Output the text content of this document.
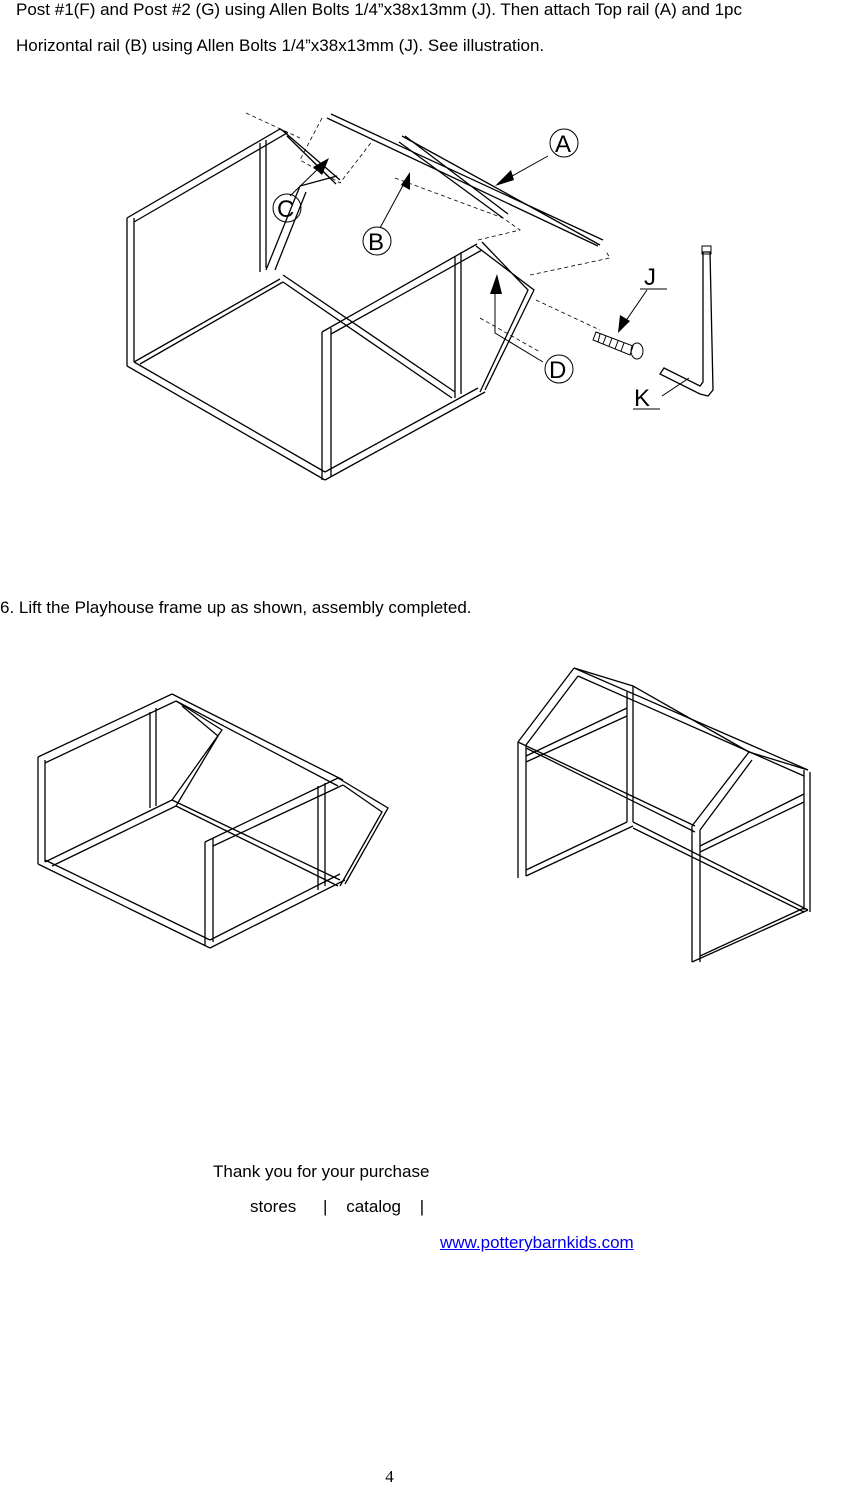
Post #1(F) and Post #2 (G) using Allen Bolts 1/4”x38x13mm (J). Then attach Top rail (A) and 1pc
Horizontal rail (B) using Allen Bolts 1/4”x38x13mm (J). See illustration.
A
B
C
D
J
K
6. Lift the Playhouse frame up as shown, assembly completed.
Thank you for your purchase
stores | catalog |
www.potterybarnkids.com
4
